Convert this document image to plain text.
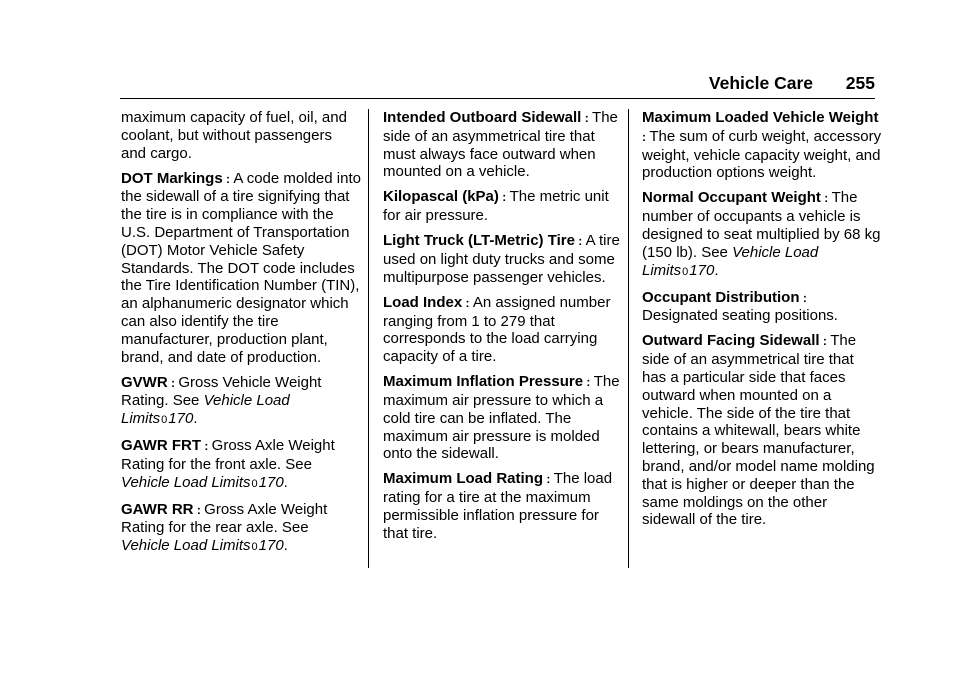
Vehicle Care 255

maximum capacity of fuel, oil, and coolant, but without passengers and cargo.

DOT Markings : A code molded into the sidewall of a tire signifying that the tire is in compliance with the U.S. Department of Transportation (DOT) Motor Vehicle Safety Standards. The DOT code includes the Tire Identification Number (TIN), an alphanumeric designator which can also identify the tire manufacturer, production plant, brand, and date of production.

GVWR : Gross Vehicle Weight Rating. See Vehicle Load Limits0170.

GAWR FRT : Gross Axle Weight Rating for the front axle. See Vehicle Load Limits0170.

GAWR RR : Gross Axle Weight Rating for the rear axle. See Vehicle Load Limits0170.

Intended Outboard Sidewall : The side of an asymmetrical tire that must always face outward when mounted on a vehicle.

Kilopascal (kPa) : The metric unit for air pressure.

Light Truck (LT-Metric) Tire : A tire used on light duty trucks and some multipurpose passenger vehicles.

Load Index : An assigned number ranging from 1 to 279 that corresponds to the load carrying capacity of a tire.

Maximum Inflation Pressure : The maximum air pressure to which a cold tire can be inflated. The maximum air pressure is molded onto the sidewall.

Maximum Load Rating : The load rating for a tire at the maximum permissible inflation pressure for that tire.

Maximum Loaded Vehicle Weight : The sum of curb weight, accessory weight, vehicle capacity weight, and production options weight.

Normal Occupant Weight : The number of occupants a vehicle is designed to seat multiplied by 68 kg (150 lb). See Vehicle Load Limits0170.

Occupant Distribution : Designated seating positions.

Outward Facing Sidewall : The side of an asymmetrical tire that has a particular side that faces outward when mounted on a vehicle. The side of the tire that contains a whitewall, bears white lettering, or bears manufacturer, brand, and/or model name molding that is higher or deeper than the same moldings on the other sidewall of the tire.
